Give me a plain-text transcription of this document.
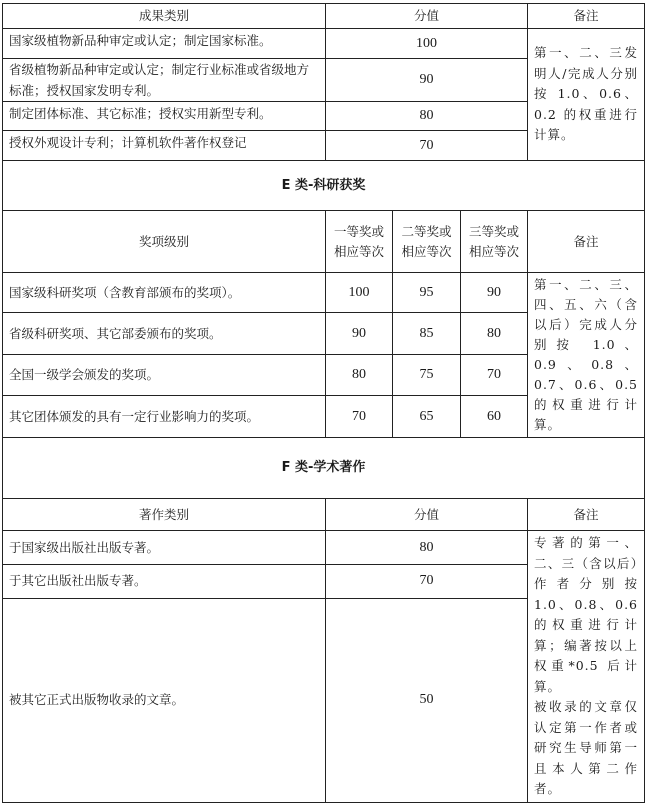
成果类别	分值			备注
国家级植物新品种审定或认定；制定国家标准。	100			第一、二、三发明人/完成人分别按 1.0、0.6、0.2 的权重进行计算。
省级植物新品种审定或认定；制定行业标准或省级地方标准；授权国家发明专利。	90			
制定团体标准、其它标准；授权实用新型专利。	80			
授权外观设计专利；计算机软件著作权登记	70			
E 类-科研获奖				
奖项级别	一等奖或相应等次	二等奖或相应等次	三等奖或相应等次	备注
国家级科研奖项（含教育部颁布的奖项）。	100	95	90	第一、二、三、四、五、六（含以后）完成人分别按 1.0、0.9、0.8、0.7、0.6、0.5 的权重进行计算。
省级科研奖项、其它部委颁布的奖项。	90	85	80	
全国一级学会颁发的奖项。	80	75	70	
其它团体颁发的具有一定行业影响力的奖项。	70	65	60	
F 类-学术著作				
著作类别	分值			备注
于国家级出版社出版专著。	80			专著的第一、二、三（含以后）作者分别按 1.0、0.8、0.6 的权重进行计算；编著按以上权重*0.5 后计算。
被收录的文章仅认定第一作者或研究生导师第一且本人第二作者。

于其它出版社出版专著。	70			
被其它正式出版物收录的文章。	50			
